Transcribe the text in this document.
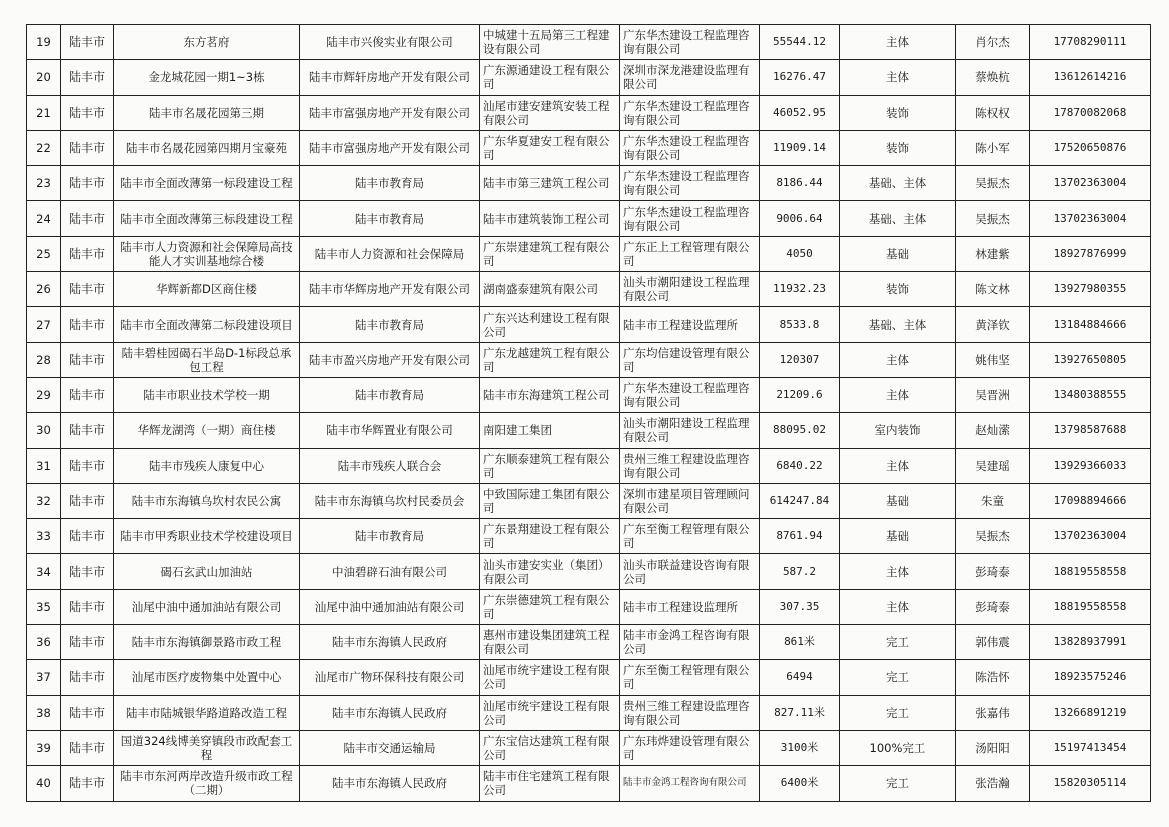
19	陆丰市	东方茗府	陆丰市兴俊实业有限公司	中城建十五局第三工程建设有限公司	广东华杰建设工程监理咨询有限公司	55544.12	主体	肖尔杰	17708290111
20	陆丰市	金龙城花园一期1~3栋	陆丰市辉轩房地产开发有限公司	广东源通建设工程有限公司	深圳市深龙港建设监理有限公司	16276.47	主体	蔡焕杭	13612614216
21	陆丰市	陆丰市名晟花园第三期	陆丰市富强房地产开发有限公司	汕尾市建安建筑安装工程有限公司	广东华杰建设工程监理咨询有限公司	46052.95	装饰	陈权权	17870082068
22	陆丰市	陆丰市名晟花园第四期月宝豪苑	陆丰市富强房地产开发有限公司	广东华夏建安工程有限公司	广东华杰建设工程监理咨询有限公司	11909.14	装饰	陈小军	17520650876
23	陆丰市	陆丰市全面改薄第一标段建设工程	陆丰市教育局	陆丰市第三建筑工程公司	广东华杰建设工程监理咨询有限公司	8186.44	基础、主体	吴振杰	13702363004
24	陆丰市	陆丰市全面改薄第三标段建设工程	陆丰市教育局	陆丰市建筑装饰工程公司	广东华杰建设工程监理咨询有限公司	9006.64	基础、主体	吴振杰	13702363004
25	陆丰市	陆丰市人力资源和社会保障局高技能人才实训基地综合楼	陆丰市人力资源和社会保障局	广东崇建建筑工程有限公司	广东正上工程管理有限公司	4050	基础	林建紫	18927876999
26	陆丰市	华辉新都D区商住楼	陆丰市华辉房地产开发有限公司	湖南盛泰建筑有限公司	汕头市潮阳建设工程监理有限公司	11932.23	装饰	陈文林	13927980355
27	陆丰市	陆丰市全面改薄第二标段建设项目	陆丰市教育局	广东兴达利建设工程有限公司	陆丰市工程建设监理所	8533.8	基础、主体	黄泽钦	13184884666
28	陆丰市	陆丰碧桂园碣石半岛D-1标段总承包工程	陆丰市盈兴房地产开发有限公司	广东龙越建筑工程有限公司	广东均信建设管理有限公司	120307	主体	姚伟坚	13927650805
29	陆丰市	陆丰市职业技术学校一期	陆丰市教育局	陆丰市东海建筑工程公司	广东华杰建设工程监理咨询有限公司	21209.6	主体	吴晋洲	13480388555
30	陆丰市	华辉龙湖湾（一期）商住楼	陆丰市华辉置业有限公司	南阳建工集团	汕头市潮阳建设工程监理有限公司	88095.02	室内装饰	赵灿潆	13798587688
31	陆丰市	陆丰市残疾人康复中心	陆丰市残疾人联合会	广东顺泰建筑工程有限公司	贵州三维工程建设监理咨询有限公司	6840.22	主体	吴建瑶	13929366033
32	陆丰市	陆丰市东海镇乌坎村农民公寓	陆丰市东海镇乌坎村民委员会	中致国际建工集团有限公司	深圳市建星项目管理顾问有限公司	614247.84	基础	朱童	17098894666
33	陆丰市	陆丰市甲秀职业技术学校建设项目	陆丰市教育局	广东景翔建设工程有限公司	广东至衡工程管理有限公司	8761.94	基础	吴振杰	13702363004
34	陆丰市	碣石玄武山加油站	中油碧辟石油有限公司	汕头市建安实业（集团）有限公司	汕头市联益建设咨询有限公司	587.2	主体	彭琦泰	18819558558
35	陆丰市	汕尾中油中通加油站有限公司	汕尾中油中通加油站有限公司	广东崇德建筑工程有限公司	陆丰市工程建设监理所	307.35	主体	彭琦泰	18819558558
36	陆丰市	陆丰市东海镇御景路市政工程	陆丰市东海镇人民政府	惠州市建设集团建筑工程有限公司	陆丰市金鸿工程咨询有限公司	861米	完工	郭伟震	13828937991
37	陆丰市	汕尾市医疗废物集中处置中心	汕尾市广物环保科技有限公司	汕尾市统宇建设工程有限公司	广东至衡工程管理有限公司	6494	完工	陈浩怀	18923575246
38	陆丰市	陆丰市陆城银华路道路改造工程	陆丰市东海镇人民政府	汕尾市统宇建设工程有限公司	贵州三维工程建设监理咨询有限公司	827.11米	完工	张嘉伟	13266891219
39	陆丰市	国道324线博美穿镇段市政配套工程	陆丰市交通运输局	广东宝信达建筑工程有限公司	广东玮烨建设管理有限公司	3100米	100%完工	汤阳阳	15197413454
40	陆丰市	陆丰市东河两岸改造升级市政工程（二期）	陆丰市东海镇人民政府	陆丰市住宅建筑工程有限公司	陆丰市金鸿工程咨询有限公司	6400米	完工	张浩瀚	15820305114
